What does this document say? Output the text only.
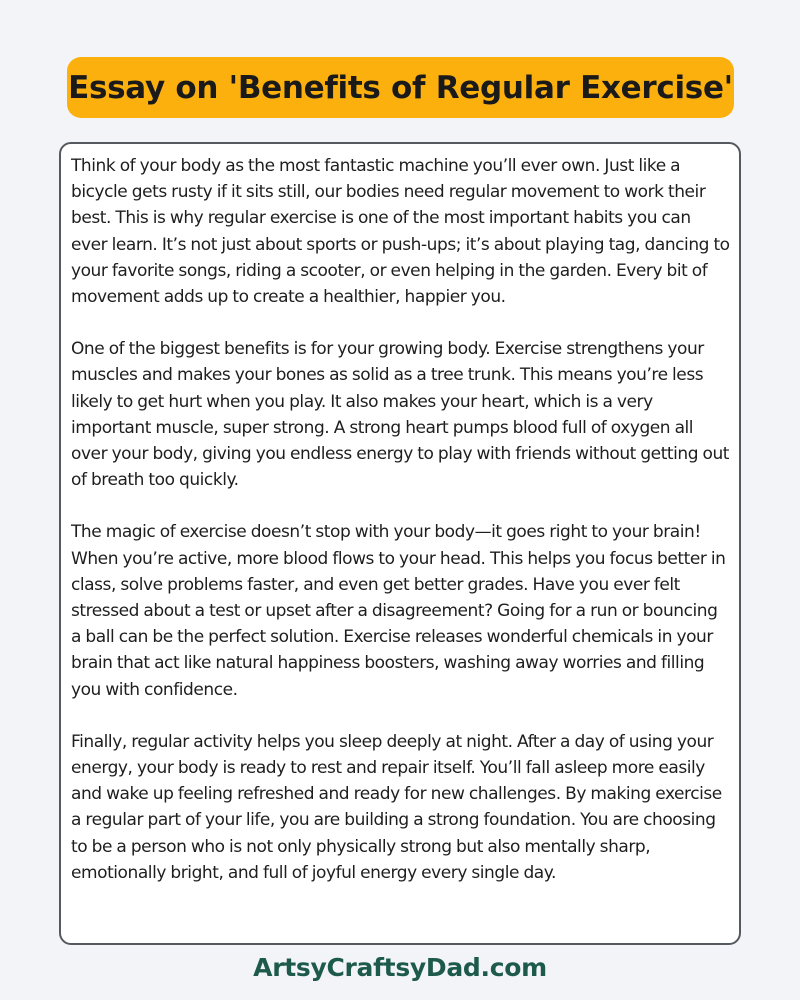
Essay on 'Benefits of Regular Exercise'

Think of your body as the most fantastic machine you’ll ever own. Just like a bicycle gets rusty if it sits still, our bodies need regular movement to work their best. This is why regular exercise is one of the most important habits you can ever learn. It’s not just about sports or push-ups; it’s about playing tag, dancing to your favorite songs, riding a scooter, or even helping in the garden. Every bit of movement adds up to create a healthier, happier you.

One of the biggest benefits is for your growing body. Exercise strengthens your muscles and makes your bones as solid as a tree trunk. This means you’re less likely to get hurt when you play. It also makes your heart, which is a very important muscle, super strong. A strong heart pumps blood full of oxygen all over your body, giving you endless energy to play with friends without getting out of breath too quickly.

The magic of exercise doesn’t stop with your body—it goes right to your brain! When you’re active, more blood flows to your head. This helps you focus better in class, solve problems faster, and even get better grades. Have you ever felt stressed about a test or upset after a disagreement? Going for a run or bouncing a ball can be the perfect solution. Exercise releases wonderful chemicals in your brain that act like natural happiness boosters, washing away worries and filling you with confidence.

Finally, regular activity helps you sleep deeply at night. After a day of using your energy, your body is ready to rest and repair itself. You’ll fall asleep more easily and wake up feeling refreshed and ready for new challenges. By making exercise a regular part of your life, you are building a strong foundation. You are choosing to be a person who is not only physically strong but also mentally sharp, emotionally bright, and full of joyful energy every single day.

ArtsyCraftsyDad.com
